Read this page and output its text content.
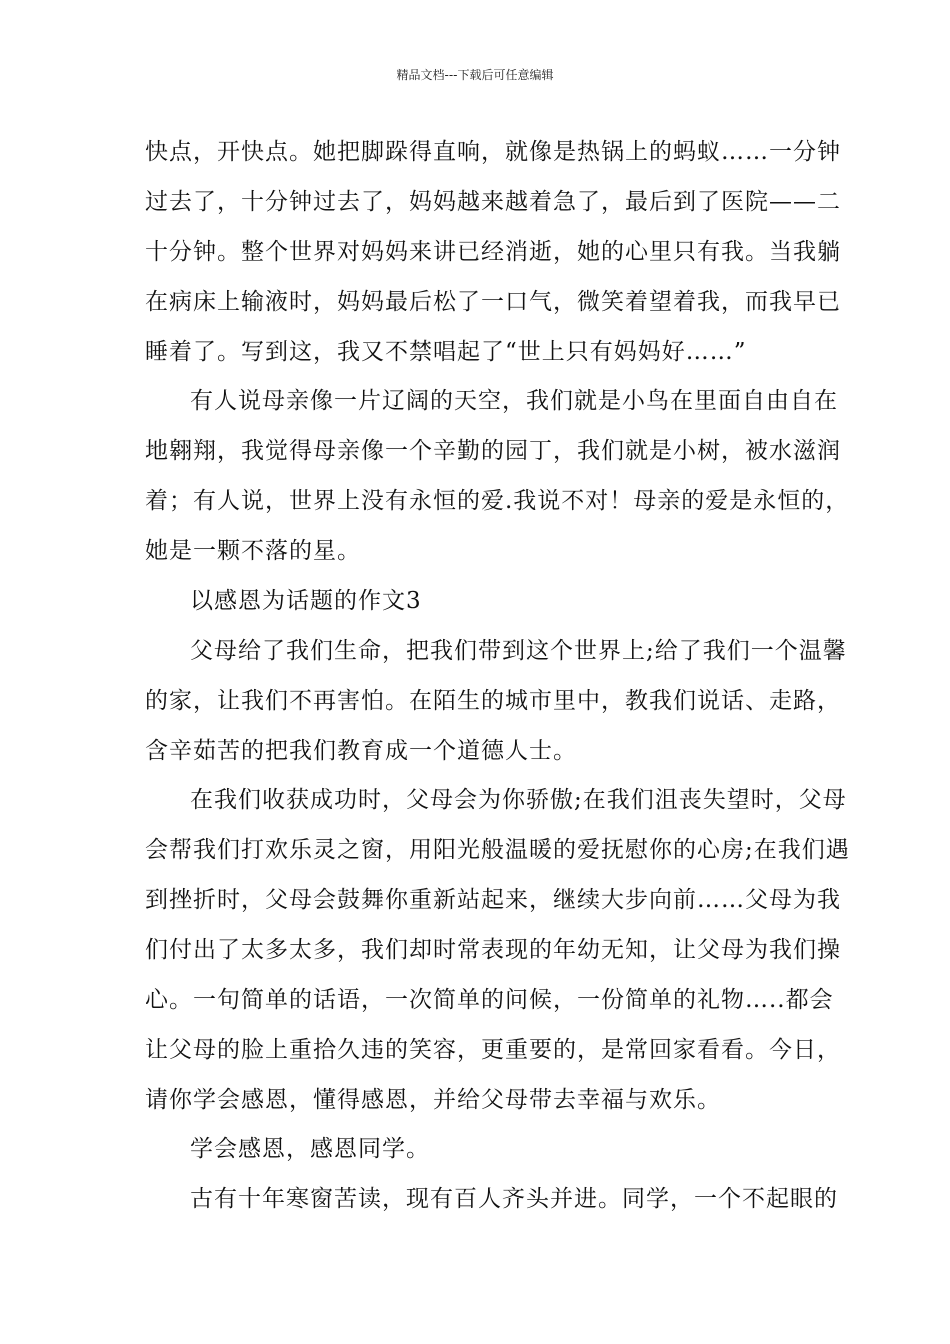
精品文档---下载后可任意编辑
快点，开快点。她把脚跺得直响，就像是热锅上的蚂蚁……一分钟
过去了，十分钟过去了，妈妈越来越着急了，最后到了医院——二
十分钟。整个世界对妈妈来讲已经消逝，她的心里只有我。当我躺
在病床上输液时，妈妈最后松了一口气，微笑着望着我，而我早已
睡着了。写到这，我又不禁唱起了“世上只有妈妈好……”
有人说母亲像一片辽阔的天空，我们就是小鸟在里面自由自在
地翱翔，我觉得母亲像一个辛勤的园丁，我们就是小树，被水滋润
着；有人说，世界上没有永恒的爱.我说不对！母亲的爱是永恒的，
她是一颗不落的星。
以感恩为话题的作文3
父母给了我们生命，把我们带到这个世界上;给了我们一个温馨
的家，让我们不再害怕。在陌生的城市里中，教我们说话、走路，
含辛茹苦的把我们教育成一个道德人士。
在我们收获成功时，父母会为你骄傲;在我们沮丧失望时，父母
会帮我们打欢乐灵之窗，用阳光般温暖的爱抚慰你的心房;在我们遇
到挫折时，父母会鼓舞你重新站起来，继续大步向前……父母为我
们付出了太多太多，我们却时常表现的年幼无知，让父母为我们操
心。一句简单的话语，一次简单的问候，一份简单的礼物…..都会
让父母的脸上重拾久违的笑容，更重要的，是常回家看看。今日，
请你学会感恩，懂得感恩，并给父母带去幸福与欢乐。
学会感恩，感恩同学。
古有十年寒窗苦读，现有百人齐头并进。同学，一个不起眼的
